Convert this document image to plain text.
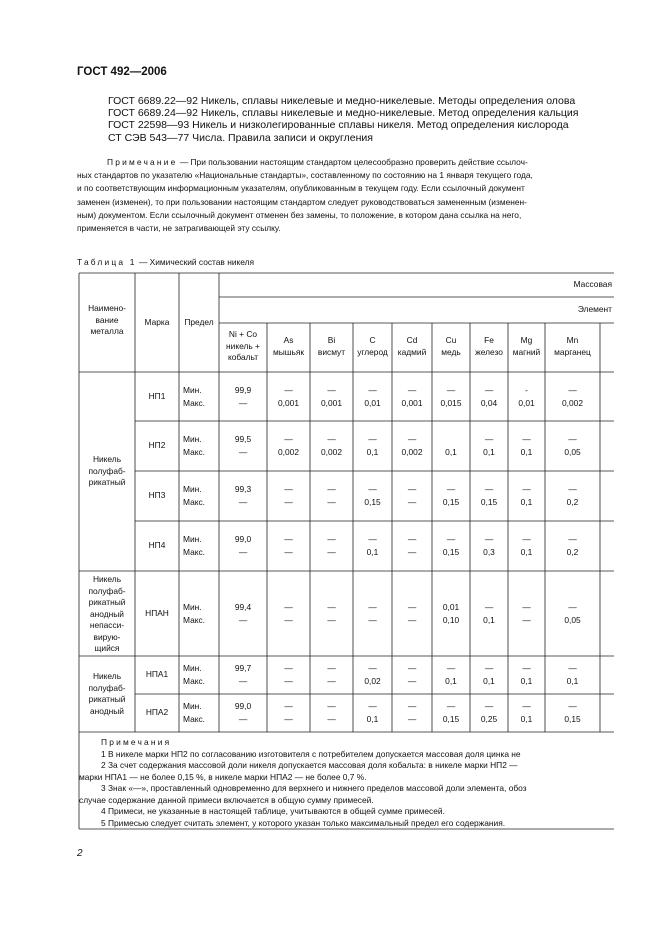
ГОСТ 492—2006
ГОСТ 6689.22—92 Никель, сплавы никелевые и медно-никелевые. Методы определения олова
ГОСТ 6689.24—92 Никель, сплавы никелевые и медно-никелевые. Метод определения кальция
ГОСТ 22598—93 Никель и низколегированные сплавы никеля. Метод определения кислорода
СТ СЭВ 543—77 Числа. Правила записи и округления

Примечание — При пользовании настоящим стандартом целесообразно проверить действие ссылоч-

ных стандартов по указателю «Национальные стандарты», составленному по состоянию на 1 января текущего года,

и по соответствующим информационным указателям, опубликованным в текущем году. Если ссылочный документ

заменен (изменен), то при пользовании настоящим стандартом следует руководствоваться замененным (изменен-

ным) документом. Если ссылочный документ отменен без замены, то положение, в котором дана ссылка на него,

применяется в части, не затрагивающей эту ссылку.

Таблица 1 — Химический состав никеля
Наимено-
вание
металла
Марка	Предел
Массовая
Элемент
Ni + Co
никель +
кобальт
As
мышьяк
Bi
висмут
C
углерод
Cd
кадмий
Cu
медь
Fe
железо
Mg
магний
Mn
марганец
Никель
полуфаб-
рикатный
Никель
полуфаб-
рикатный
анодный
непасси-
вирую-
щийся
Никель
полуфаб-
рикатный
анодный
НП1
Мин.
Макс.
99,9
—
—
0,001
—
0,001
—
0,01
—
0,001
—
0,015
—
0,04
-
0,01
—
0,002
НП2
Мин.
Макс.
99,5
—
—
0,002
—
0,002
—
0,1
—
0,002	0,1
—
0,1
—
0,1
—
0,05
НП3
Мин.
Макс.
99,3
—
—
—
—
—
—
0,15
—
—
—
0,15
—
0,15
—
0,1
—
0,2
НП4
Мин.
Макс.
99,0
—
—
—
—
—
—
0,1
—
—
—
0,15
—
0,3
—
0,1
—
0,2
НПАН
Мин.
Макс.
99,4
—
—
—
—
—
—
—
—
—
0,01
0,10
—
0,1
—
—
—
0,05
НПА1
Мин.
Макс.
99,7
—
—
—
—
—
—
0,02
—
—
—
0,1
—
0,1
—
0,1
—
0,1
НПА2
Мин.
Макс.
99,0
—
—
—
—
—
—
0,1
—
—
—
0,15
—
0,25
—
0,1
—
0,15
Примечания
1 В никеле марки НП2 по согласованию изготовителя с потребителем допускается массовая доля цинка не
2 За счет содержания массовой доли никеля допускается массовая доля кобальта: в никеле марки НП2 —
марки НПА1 — не более 0,15 %, в никеле марки НПА2 — не более 0,7 %.
3 Знак «—», проставленный одновременно для верхнего и нижнего пределов массовой доли элемента, обоз
случае содержание данной примеси включается в общую сумму примесей.
4 Примеси, не указанные в настоящей таблице, учитываются в общей сумме примесей.
5 Примесью следует считать элемент, у которого указан только максимальный предел его содержания.
2
